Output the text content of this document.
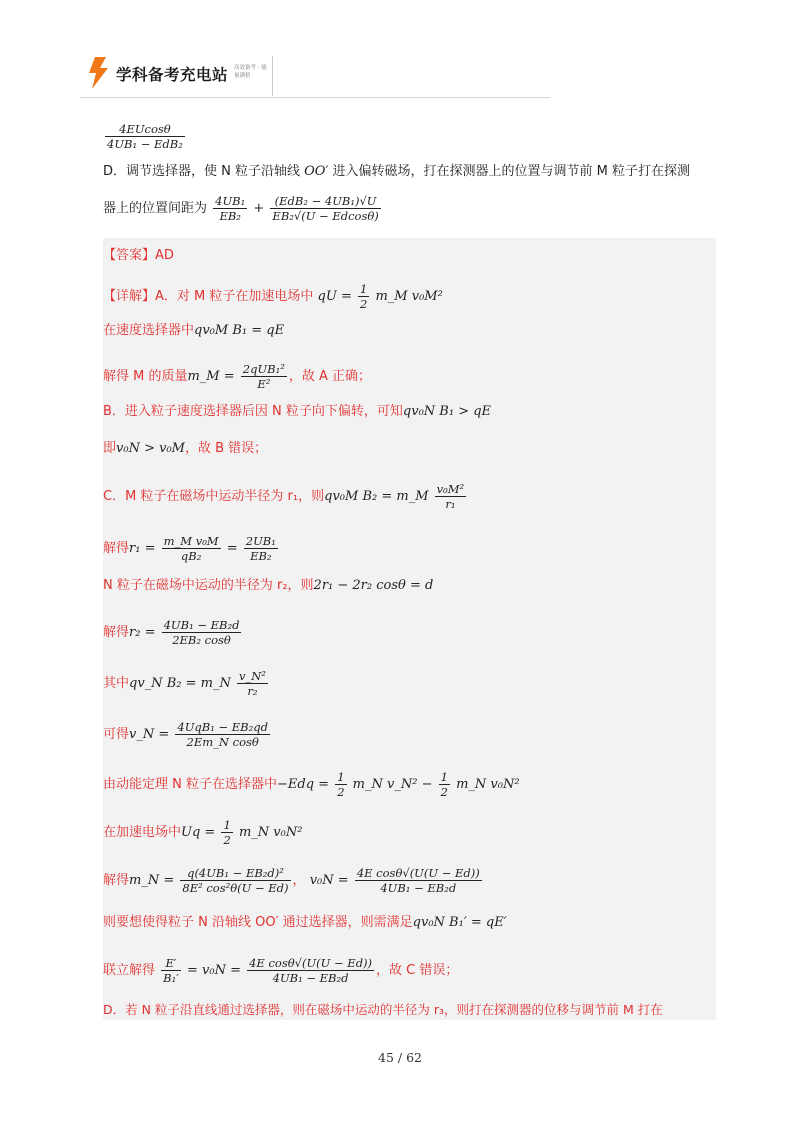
学科备考充电站 高效备考 · 能量满格
$\frac{4EUcos\theta}{\text{4UB₁ − EdB₂}}$
D．调节选择器，使 N 粒子沿轴线 OO′ 进入偏转磁场，打在探测器上的位置与调节前 M 粒子打在探测
器上的位置间距为 $\frac{\text{4UB₁}}{\text{EB₂}} + \frac{\text{(EdB₂ − 4UB₁)√U}}{\text{EB₂√(U − Edcosθ)}}$
【答案】AD
【详解】A．对 M 粒子在加速电场中 qU = $\frac{1}{2}$ m_M v₀M²
在速度选择器中qv₀M B₁ = qE
解得 M 的质量m_M = $\frac{\text{2qUB₁²}}{\text{E²}}$ ，故 A 正确；
B．进入粒子速度选择器后因 N 粒子向下偏转，可知qv₀N B₁ > qE
即v₀N > v₀M，故 B 错误；
C．M 粒子在磁场中运动半径为 r₁，则qv₀M B₂ = m_M $\frac{\text{v₀M²}}{\text{r₁}}$
解得$r_1 = \frac{\text{m\_M v₀M}}{\text{qB₂}} = \frac{\text{2UB₁}}{\text{EB₂}}$
N 粒子在磁场中运动的半径为 r₂，则2r₁ − 2r₂ cosθ = d
解得$r_2 = \frac{\text{4UB₁ − EB₂d}}{\text{2EB₂ cosθ}}$
其中qv_N B₂ = m_N $\frac{\text{v\_N²}}{\text{r₂}}$
可得v_N = $\frac{\text{4UqB₁ − EB₂qd}}{\text{2Em\_N cosθ}}$
由动能定理 N 粒子在选择器中$-Edq = \frac{1}{2}$ m_N v_N² − $\frac{1}{2}$ m_N v₀N²
在加速电场中$Uq = \frac{1}{2}$ m_N v₀N²
解得m_N = $\frac{\text{q(4UB₁ − EB₂d)²}}{\text{8E² cos²θ(U − Ed)}}$ ， $v_0N = \frac{\text{4E cosθ√(U(U − Ed))}}{\text{4UB₁ − EB₂d}}$
则要想使得粒子 N 沿轴线 OO′ 通过选择器，则需满足qv₀N B₁′ = qE′
联立解得 $\frac{E'}{\text{B₁′}} = v_0N = \frac{\text{4E cosθ√(U(U − Ed))}}{\text{4UB₁ − EB₂d}}$ ，故 C 错误；
D．若 N 粒子沿直线通过选择器，则在磁场中运动的半径为 r₃，则打在探测器的位移与调节前 M 打在
45 / 62
